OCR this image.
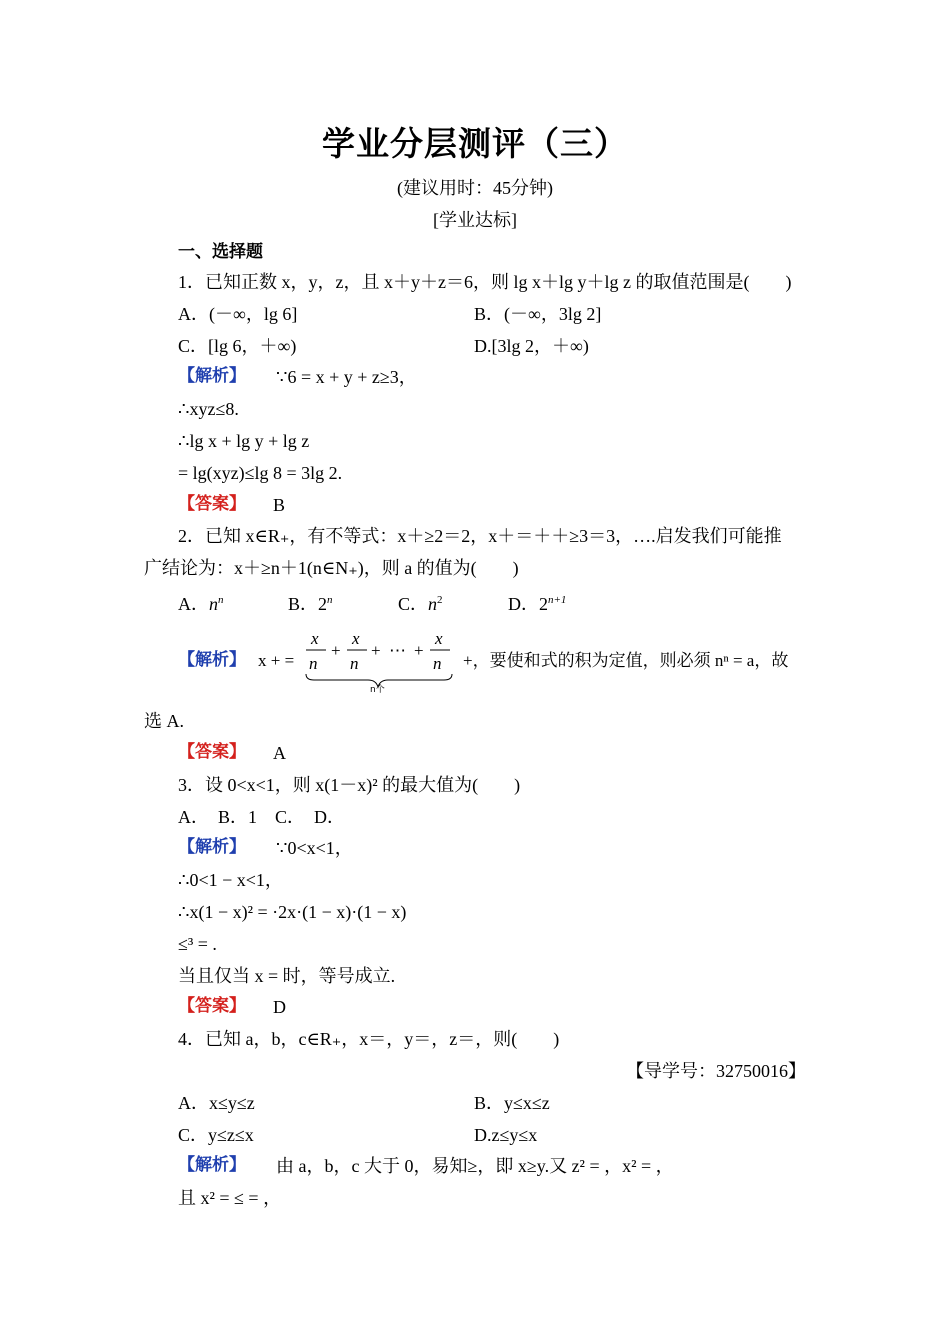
学业分层测评（三）
(建议用时：45分钟)
[学业达标]
一、选择题
1．已知正数 x，y，z，且 x＋y＋z＝6，则 lg x＋lg y＋lg z 的取值范围是(　　)
A．(－∞，lg 6]	B．(－∞，3lg 2]
C．[lg 6，＋∞)	D.[3lg 2，＋∞)
【解析】 ∵6 = x + y + z≥3，
∴xyz≤8.
∴lg x + lg y + lg z
= lg(xyz)≤lg 8 = 3lg 2.
【答案】 B
2．已知 x∈R₊，有不等式：x＋≥2＝2，x＋＝＋＋≥3＝3，….启发我们可能推
广结论为：x＋≥n＋1(n∈N₊)，则 a 的值为(　　)
A．$n^n$	B．2$^n$	C．$n^2$	D．$2^{n+1}$
【解析】 x + =
x
n
x
n
x
n
+ + ⋯ +
n个
+，要使和式的积为定值，则必须 nⁿ = a，故
选 A.
【答案】 A
3．设 0<x<1，则 x(1－x)² 的最大值为(　　)
A．　B．1　C．　D．
【解析】 ∵0<x<1，
∴0<1 − x<1，
∴x(1 − x)² = ·2x·(1 − x)·(1 − x)
≤³ = .
当且仅当 x = 时，等号成立.
【答案】 D
4．已知 a，b，c∈R₊，x＝，y＝，z＝，则(　　)
【导学号：32750016】
A．x≤y≤z	B．y≤x≤z
C．y≤z≤x	D.z≤y≤x
【解析】 由 a，b，c 大于 0，易知≥，即 x≥y.又 z² = ，x² = ，
且 x² = ≤ = ，
